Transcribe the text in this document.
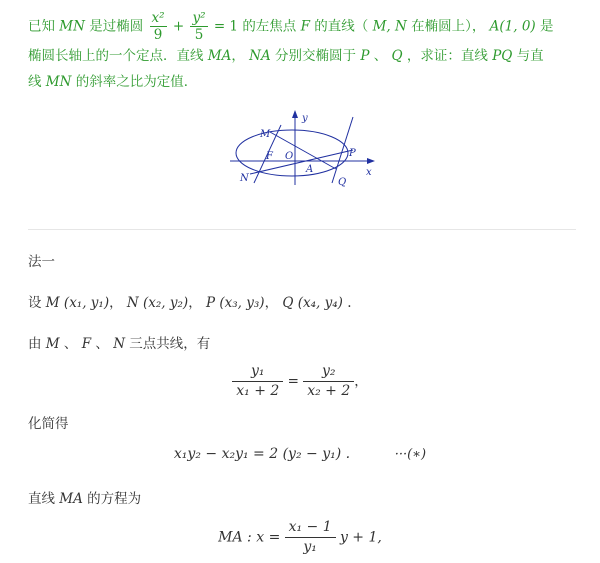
已知 MN 是过椭圆 $\frac{\text{x²}}{9} + \frac{\text{y²}}{5} = 1$ 的左焦点 F 的直线（ M, N 在椭圆上）， A(1, 0) 是
椭圆长轴上的一个定点．直线 MA， NA 分别交椭圆于 P 、 Q ，求证：直线 PQ 与直
线 MN 的斜率之比为定值．
y
x
M
F O	P
A
N	Q
法一
设 M (x₁, y₁)， N (x₂, y₂)， P (x₃, y₃)， Q (x₄, y₄) .
由 M 、 F 、 N 三点共线，有
$\frac{\text{y₁}}{\text{x₁ + 2}} = \frac{\text{y₂}}{\text{x₂ + 2}}$ ，
化简得
x₁y₂ − x₂y₁ = 2 (y₂ − y₁) .	···(∗)
直线 MA 的方程为
MA : $x = \frac{\text{x₁ − 1}}{\text{y₁}}$ y + 1,
